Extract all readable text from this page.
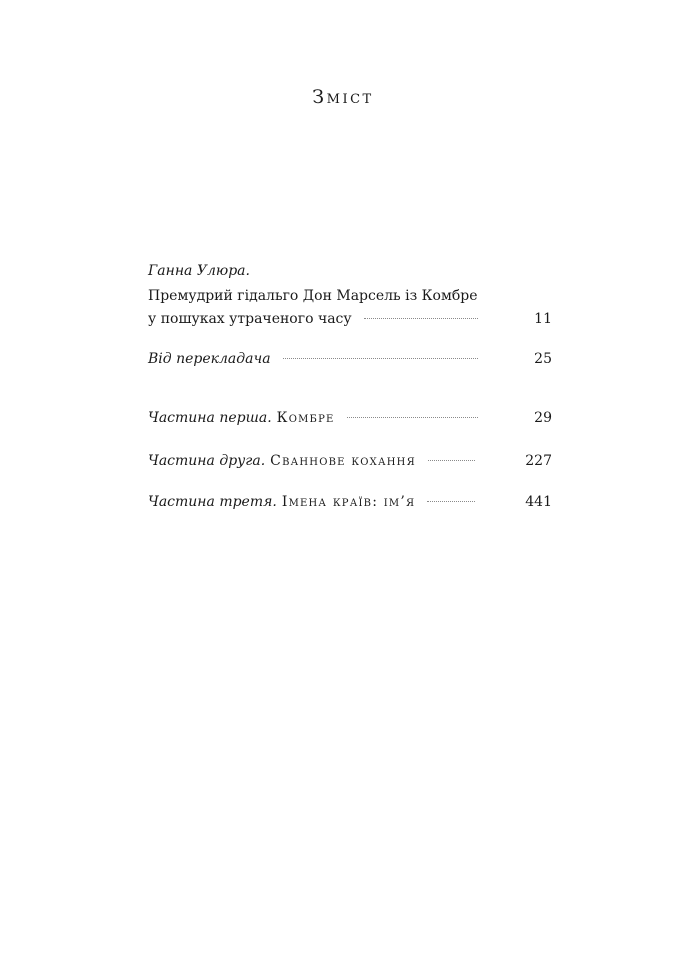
Зміст
Ганна Улюра.
Премудрий гідальго Дон Марсель із Комбре
у пошуках утраченого часу	11
Від перекладача	25
Частина перша. Комбре	29
Частина друга. Сваннове кохання	227
Частина третя. Імена країв: ім’я	441
